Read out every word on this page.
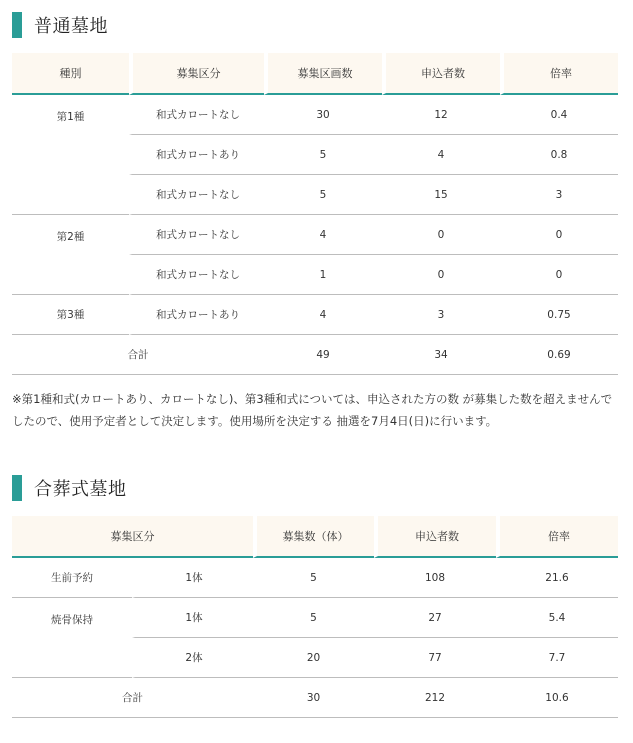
普通墓地
種別	募集区分	募集区画数	申込者数	倍率
第1種	和式カロートなし	30	12	0.4
	和式カロートあり	5	4	0.8
	和式カロートなし	5	15	3
第2種	和式カロートなし	4	0	0
	和式カロートなし	1	0	0
第3種	和式カロートあり	4	3	0.75
合計		49	34	0.69

※第1種和式(カロートあり、カロートなし)、第3種和式については、申込された方の数 が募集した数を超えませんでしたので、使用予定者として決定します。使用場所を決定する 抽選を7月4日(日)に行います。

合葬式墓地
募集区分		募集数（体）	申込者数	倍率
生前予約	1体	5	108	21.6
焼骨保持	1体	5	27	5.4
	2体	20	77	7.7
合計		30	212	10.6
